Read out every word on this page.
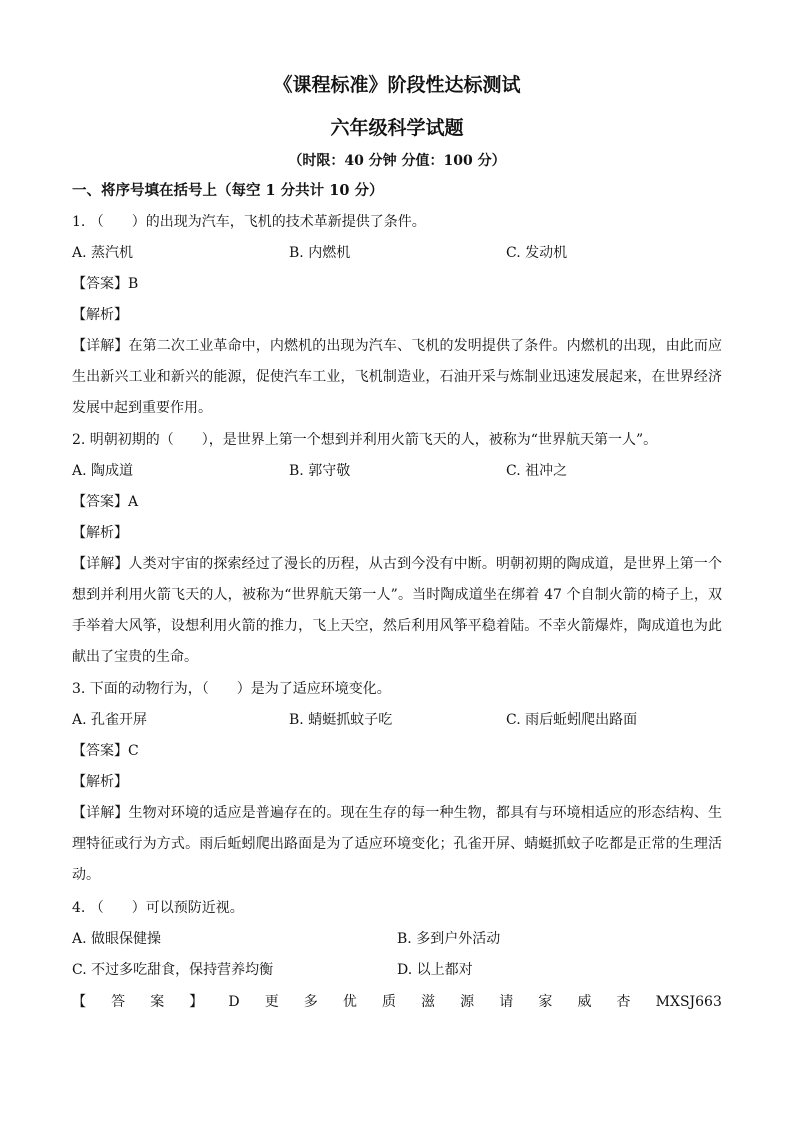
《课程标准》阶段性达标测试
六年级科学试题
（时限：40 分钟 分值：100 分）
一、将序号填在括号上（每空 1 分共计 10 分）
1. （　　）的出现为汽车，飞机的技术革新提供了条件。
A. 蒸汽机	B. 内燃机	C. 发动机
【答案】B
【解析】
【详解】在第二次工业革命中，内燃机的出现为汽车、飞机的发明提供了条件。内燃机的出现，由此而应生出新兴工业和新兴的能源，促使汽车工业，飞机制造业，石油开采与炼制业迅速发展起来，在世界经济发展中起到重要作用。
2. 明朝初期的（　　），是世界上第一个想到并利用火箭飞天的人，被称为“世界航天第一人”。
A. 陶成道	B. 郭守敬	C. 祖冲之
【答案】A
【解析】
【详解】人类对宇宙的探索经过了漫长的历程，从古到今没有中断。明朝初期的陶成道，是世界上第一个想到并利用火箭飞天的人，被称为“世界航天第一人”。当时陶成道坐在绑着 47 个自制火箭的椅子上，双手举着大风筝，设想利用火箭的推力，飞上天空，然后利用风筝平稳着陆。不幸火箭爆炸，陶成道也为此献出了宝贵的生命。
3. 下面的动物行为，（　　）是为了适应环境变化。
A. 孔雀开屏	B. 蜻蜓抓蚊子吃	C. 雨后蚯蚓爬出路面
【答案】C
【解析】
【详解】生物对环境的适应是普遍存在的。现在生存的每一种生物，都具有与环境相适应的形态结构、生理特征或行为方式。雨后蚯蚓爬出路面是为了适应环境变化；孔雀开屏、蜻蜓抓蚊子吃都是正常的生理活动。
4. （　　）可以预防近视。
A. 做眼保健操	B. 多到户外活动
C. 不过多吃甜食，保持营养均衡	D. 以上都对
【 答 案 】 D 更 多 优 质 滋 源 请 家 威 杏 MXSJ663
